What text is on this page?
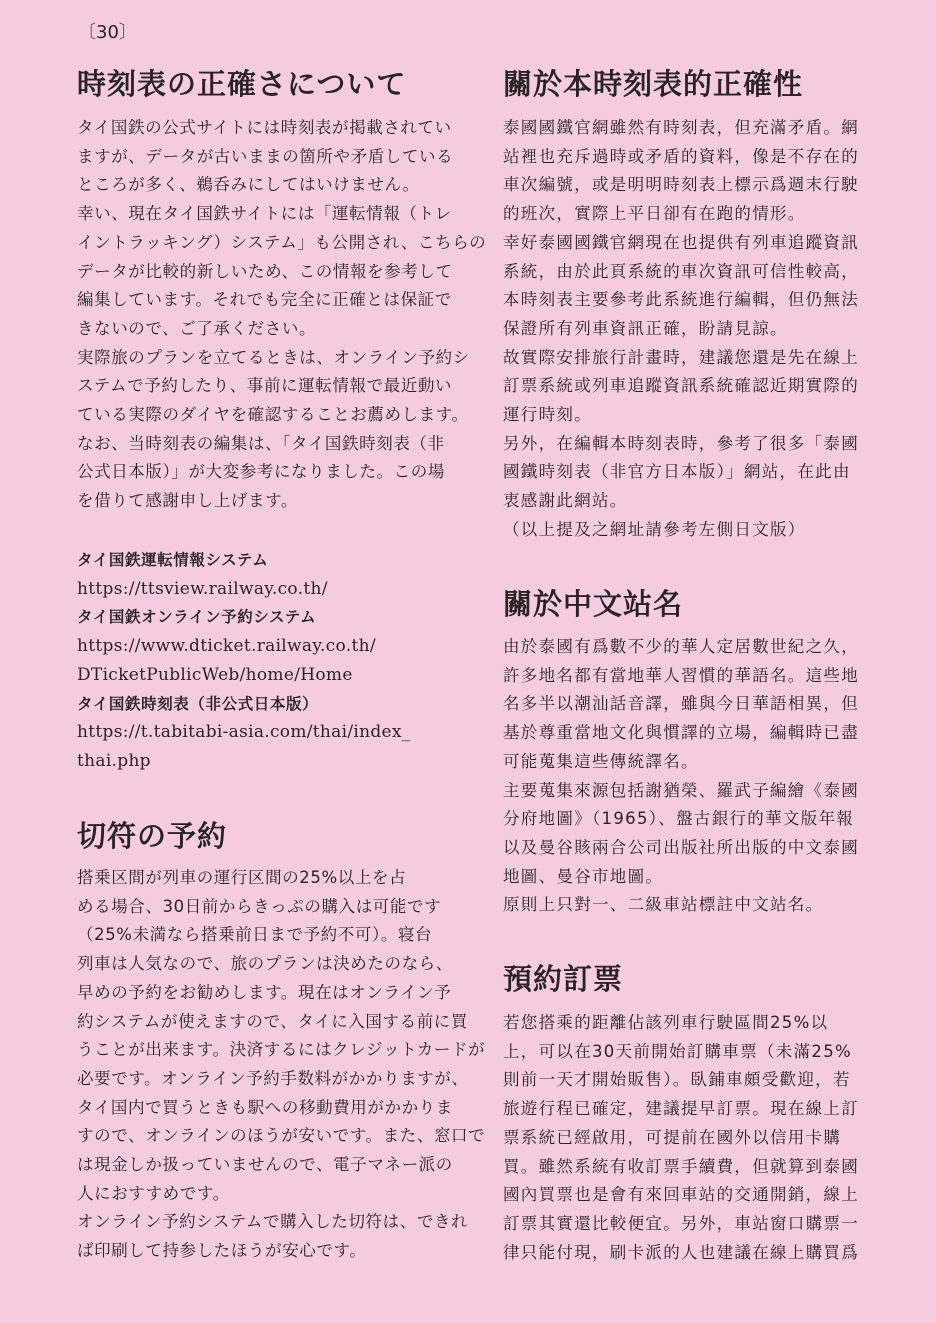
〔30〕
時刻表の正確さについて
タイ国鉄の公式サイトには時刻表が掲載されてい
ますが、データが古いままの箇所や矛盾している
ところが多く、鵜呑みにしてはいけません。
幸い、現在タイ国鉄サイトには「運転情報（トレ
イントラッキング）システム」も公開され、こちらの
データが比較的新しいため、この情報を参考して
編集しています。それでも完全に正確とは保証で
きないので、ご了承ください。
実際旅のプランを立てるときは、オンライン予約シ
ステムで予約したり、事前に運転情報で最近動い
ている実際のダイヤを確認することお薦めします。
なお、当時刻表の編集は、「タイ国鉄時刻表（非
公式日本版）」が大変参考になりました。この場
を借りて感謝申し上げます。
タイ国鉄運転情報システム
https://ttsview.railway.co.th/
タイ国鉄オンライン予約システム
https://www.dticket.railway.co.th/
DTicketPublicWeb/home/Home
タイ国鉄時刻表（非公式日本版）
https://t.tabitabi-asia.com/thai/index_
thai.php
切符の予約
搭乗区間が列車の運行区間の25%以上を占
める場合、30日前からきっぷの購入は可能です
（25%未満なら搭乗前日まで予約不可）。寝台
列車は人気なので、旅のプランは決めたのなら、
早めの予約をお勧めします。現在はオンライン予
約システムが使えますので、タイに入国する前に買
うことが出来ます。決済するにはクレジットカードが
必要です。オンライン予約手数料がかかりますが、
タイ国内で買うときも駅への移動費用がかかりま
すので、オンラインのほうが安いです。また、窓口で
は現金しか扱っていませんので、電子マネー派の
人におすすめです。
オンライン予約システムで購入した切符は、できれ
ば印刷して持参したほうが安心です。
關於本時刻表的正確性
泰國國鐵官網雖然有時刻表，但充滿矛盾。網
站裡也充斥過時或矛盾的資料，像是不存在的
車次編號，或是明明時刻表上標示爲週末行駛
的班次，實際上平日卻有在跑的情形。
幸好泰國國鐵官網現在也提供有列車追蹤資訊
系統，由於此頁系統的車次資訊可信性較高，
本時刻表主要參考此系統進行編輯，但仍無法
保證所有列車資訊正確，盼請見諒。
故實際安排旅行計畫時，建議您還是先在線上
訂票系統或列車追蹤資訊系統確認近期實際的
運行時刻。
另外，在編輯本時刻表時，參考了很多「泰國
國鐵時刻表（非官方日本版）」網站，在此由
衷感謝此網站。
（以上提及之網址請參考左側日文版）
關於中文站名
由於泰國有爲數不少的華人定居數世紀之久，
許多地名都有當地華人習慣的華語名。這些地
名多半以潮汕話音譯，雖與今日華語相異，但
基於尊重當地文化與慣譯的立場，編輯時已盡
可能蒐集這些傳統譯名。
主要蒐集來源包括謝猶榮、羅武子編繪《泰國
分府地圖》（1965）、盤古銀行的華文版年報
以及曼谷賅兩合公司出版社所出版的中文泰國
地圖、曼谷市地圖。
原則上只對一、二級車站標註中文站名。
預約訂票
若您搭乘的距離佔該列車行駛區間25%以
上，可以在30天前開始訂購車票（未滿25%
則前一天才開始販售）。臥鋪車頗受歡迎，若
旅遊行程已確定，建議提早訂票。現在線上訂
票系統已經啟用，可提前在國外以信用卡購
買。雖然系統有收訂票手續費，但就算到泰國
國內買票也是會有來回車站的交通開銷，線上
訂票其實還比較便宜。另外，車站窗口購票一
律只能付現，刷卡派的人也建議在線上購買爲
